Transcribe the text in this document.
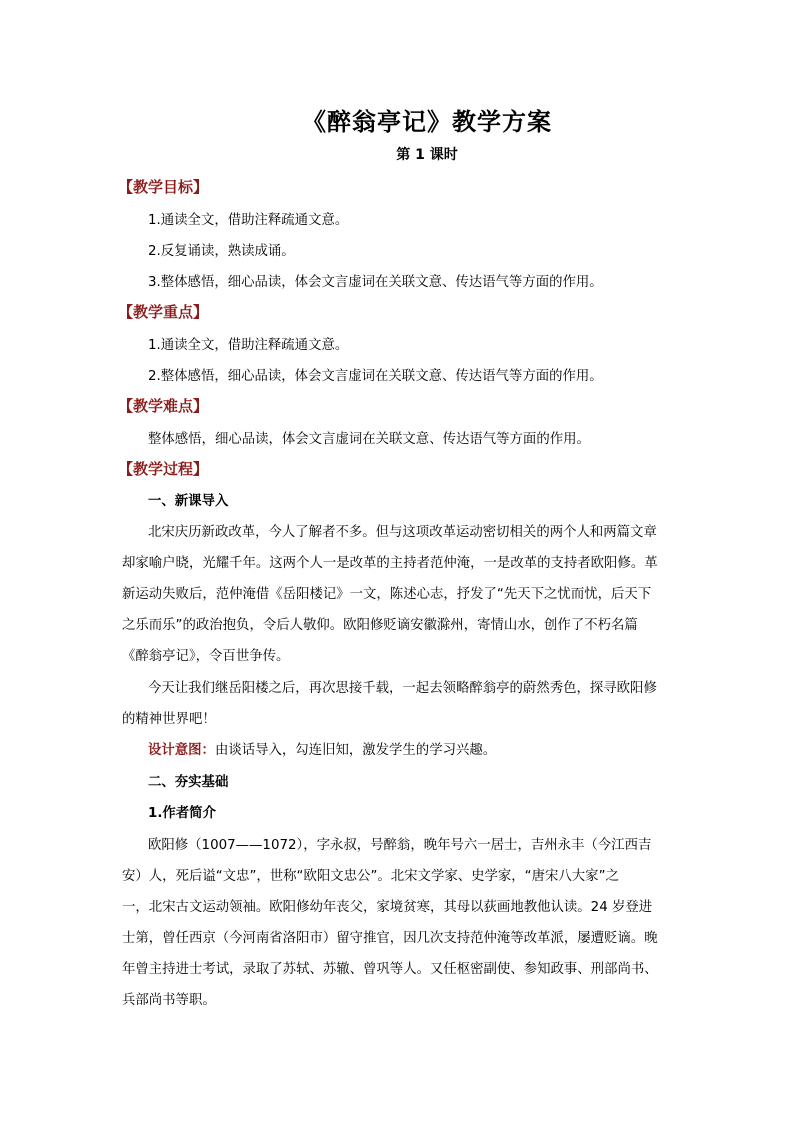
《醉翁亭记》教学方案
第 1 课时
【教学目标】
1.通读全文，借助注释疏通文意。
2.反复诵读，熟读成诵。
3.整体感悟，细心品读，体会文言虚词在关联文意、传达语气等方面的作用。
【教学重点】
1.通读全文，借助注释疏通文意。
2.整体感悟，细心品读，体会文言虚词在关联文意、传达语气等方面的作用。
【教学难点】
整体感悟，细心品读，体会文言虚词在关联文意、传达语气等方面的作用。
【教学过程】
一、新课导入
北宋庆历新政改革，今人了解者不多。但与这项改革运动密切相关的两个人和两篇文章
却家喻户晓，光耀千年。这两个人一是改革的主持者范仲淹，一是改革的支持者欧阳修。革
新运动失败后，范仲淹借《岳阳楼记》一文，陈述心志，抒发了“先天下之忧而忧，后天下
之乐而乐”的政治抱负，令后人敬仰。欧阳修贬谪安徽滁州，寄情山水，创作了不朽名篇
《醉翁亭记》，令百世争传。
今天让我们继岳阳楼之后，再次思接千载，一起去领略醉翁亭的蔚然秀色，探寻欧阳修
的精神世界吧！
设计意图：由谈话导入，勾连旧知，激发学生的学习兴趣。
二、夯实基础
1.作者简介
欧阳修（1007——1072），字永叔，号醉翁，晚年号六一居士，吉州永丰（今江西吉
安）人，死后谥“文忠”，世称“欧阳文忠公”。北宋文学家、史学家，“唐宋八大家”之
一，北宋古文运动领袖。欧阳修幼年丧父，家境贫寒，其母以荻画地教他认读。24 岁登进
士第，曾任西京（今河南省洛阳市）留守推官，因几次支持范仲淹等改革派，屡遭贬谪。晚
年曾主持进士考试，录取了苏轼、苏辙、曾巩等人。又任枢密副使、参知政事、刑部尚书、
兵部尚书等职。
